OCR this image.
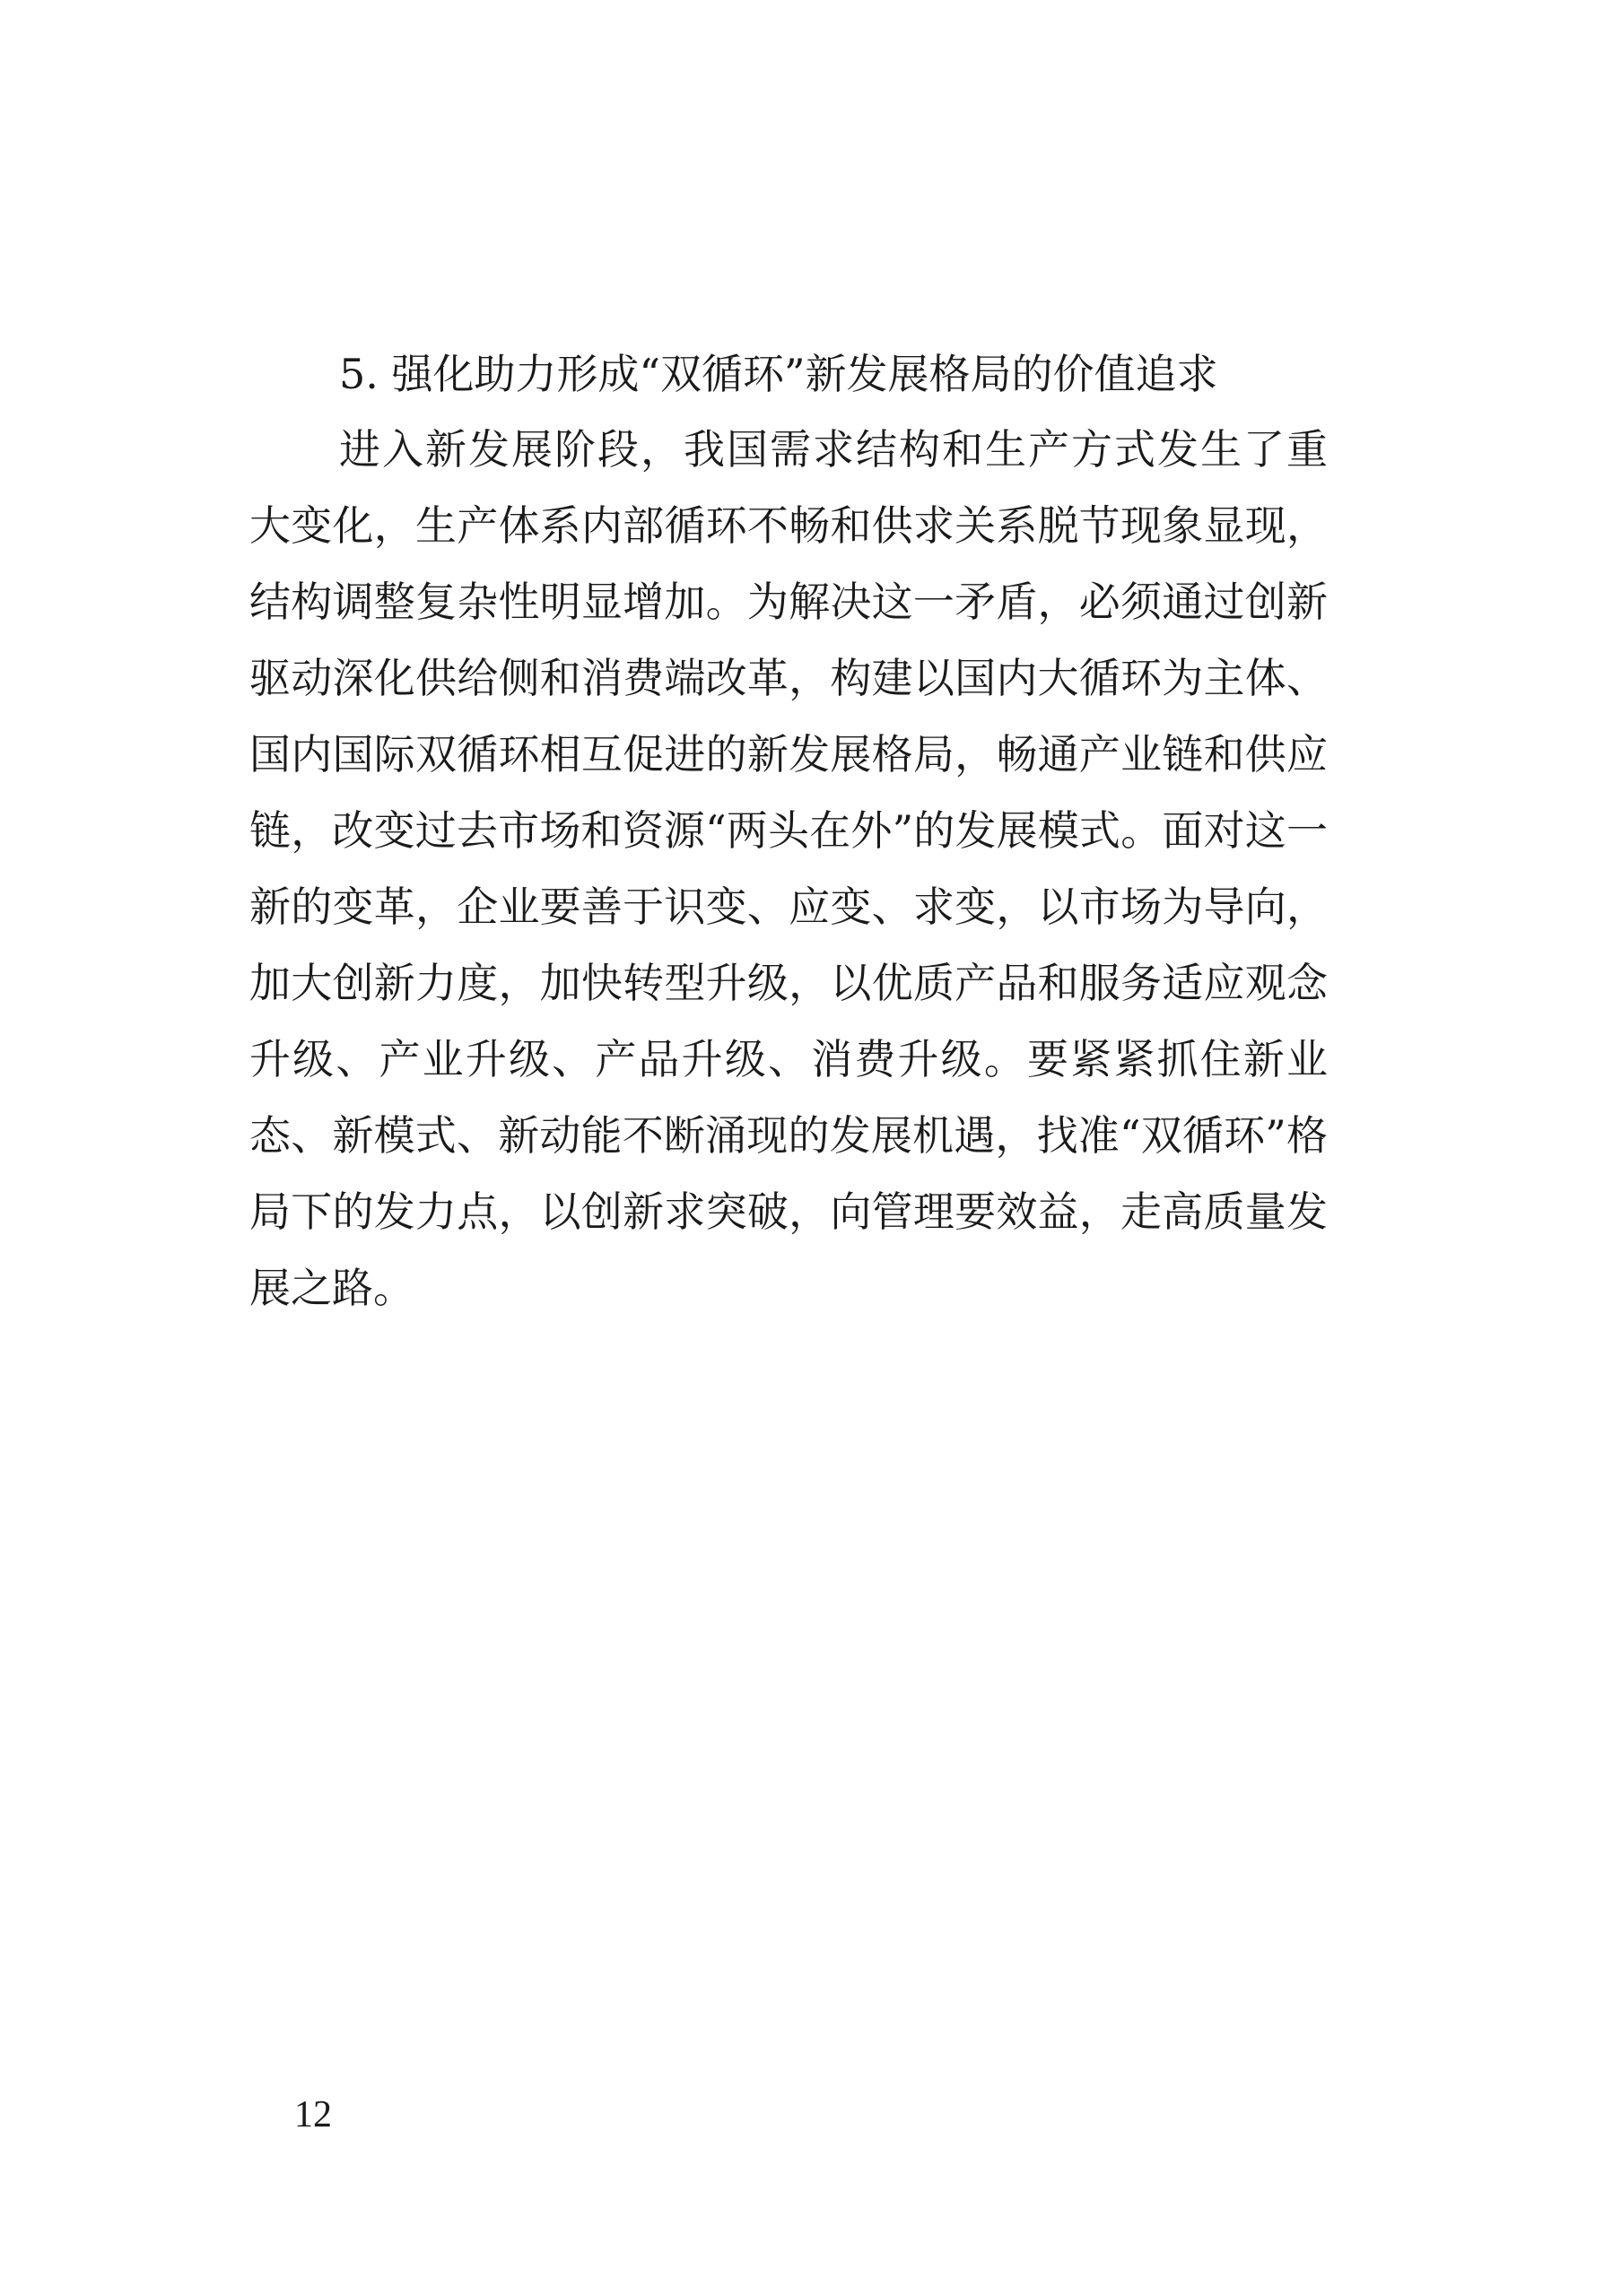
5. 强化助力形成“双循环”新发展格局的价值追求

进入新发展阶段，我国需求结构和生产方式发生了重大变化，生产体系内部循环不畅和供求关系脱节现象显现，结构调整复杂性明显增加。为解决这一矛盾，必须通过创新驱动深化供给侧和消费端改革，构建以国内大循环为主体、国内国际双循环相互促进的新发展格局，畅通产业链和供应链，改变过去市场和资源“两头在外”的发展模式。面对这一新的变革，企业要善于识变、应变、求变，以市场为导向，加大创新力度，加快转型升级，以优质产品和服务适应观念升级、产业升级、产品升级、消费升级。要紧紧抓住新业态、新模式、新动能不断涌现的发展机遇，找准“双循环”格局下的发力点，以创新求突破，向管理要效益，走高质量发展之路。

12
